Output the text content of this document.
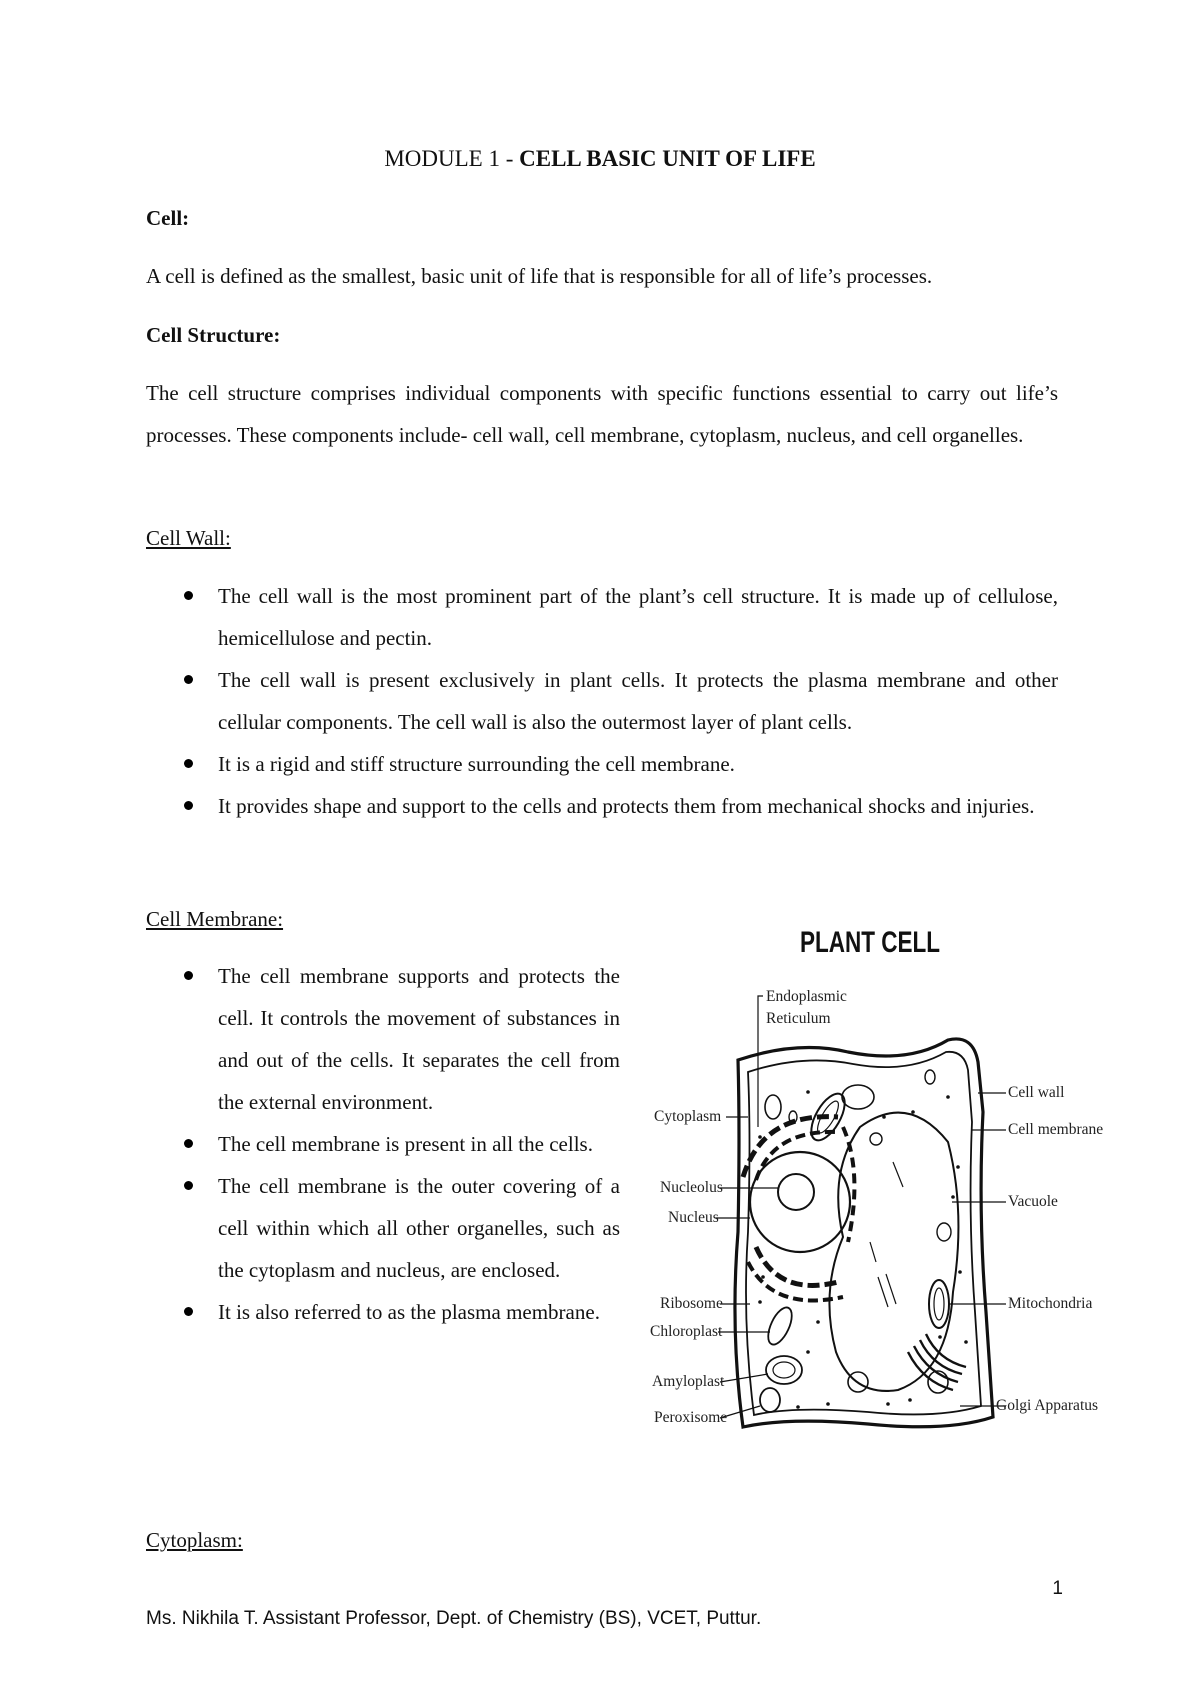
MODULE 1 - CELL BASIC UNIT OF LIFE
Cell:
A cell is defined as the smallest, basic unit of life that is responsible for all of life’s processes.
Cell Structure:
The cell structure comprises individual components with specific functions essential to carry out life’s processes. These components include- cell wall, cell membrane, cytoplasm, nucleus, and cell organelles.
Cell Wall:
The cell wall is the most prominent part of the plant’s cell structure. It is made up of cellulose, hemicellulose and pectin.
The cell wall is present exclusively in plant cells. It protects the plasma membrane and other cellular components. The cell wall is also the outermost layer of plant cells.
It is a rigid and stiff structure surrounding the cell membrane.
It provides shape and support to the cells and protects them from mechanical shocks and injuries.
Cell Membrane:
The cell membrane supports and protects the cell. It controls the movement of substances in and out of the cells. It separates the cell from the external environment.
The cell membrane is present in all the cells.
The cell membrane is the outer covering of a cell within which all other organelles, such as the cytoplasm and nucleus, are enclosed.
It is also referred to as the plasma membrane.
Cytoplasm:
PLANT CELL
Endoplasmic
Reticulum
Cytoplasm
Nucleolus
Nucleus
Ribosome
Chloroplast
Amyloplast
Peroxisome
Cell wall
Cell membrane
Vacuole
Mitochondria
Golgi Apparatus
1
Ms. Nikhila T. Assistant Professor, Dept. of Chemistry (BS), VCET, Puttur.
